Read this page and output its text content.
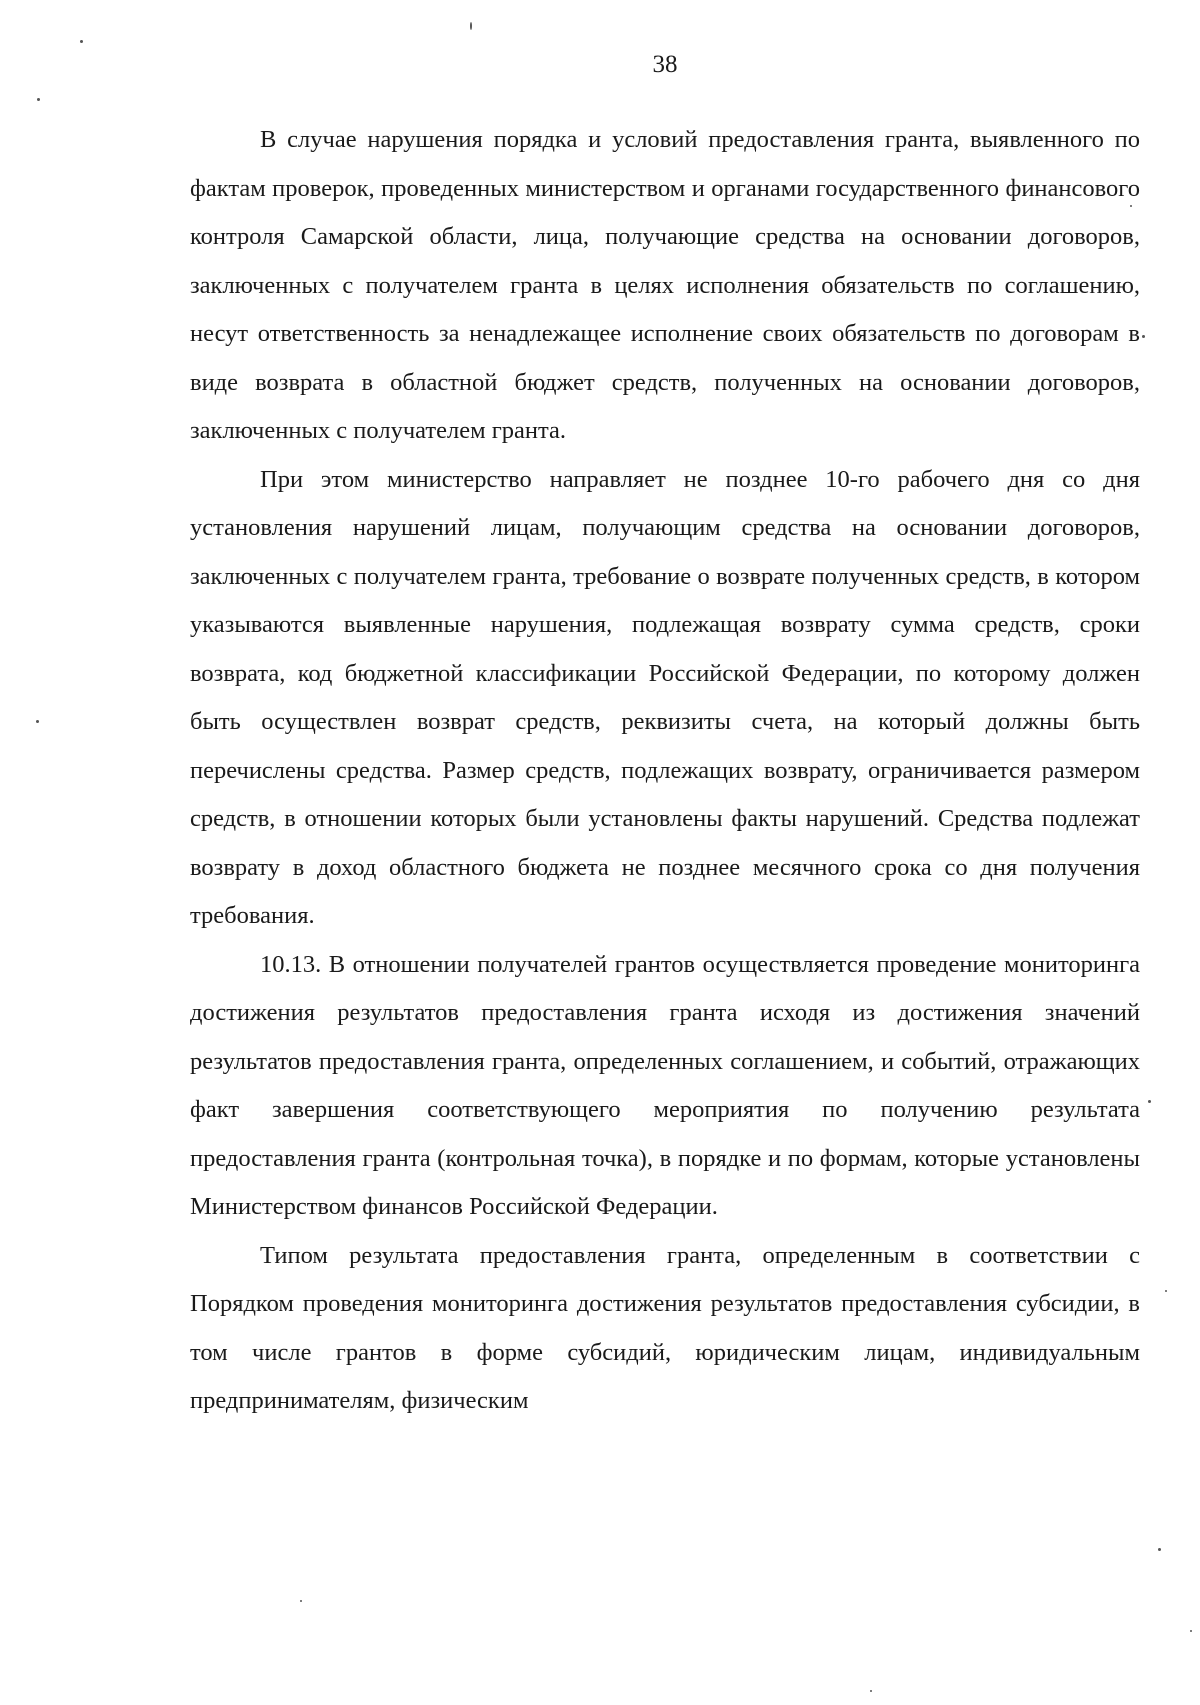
38

В случае нарушения порядка и условий предоставления гранта, выявленного по фактам проверок, проведенных министерством и органами государственного финансового контроля Самарской области, лица, получающие средства на основании договоров, заключенных с получателем гранта в целях исполнения обязательств по соглашению, несут ответственность за ненадлежащее исполнение своих обязательств по договорам в виде возврата в областной бюджет средств, полученных на основании договоров, заключенных с получателем гранта.

При этом министерство направляет не позднее 10-го рабочего дня со дня установления нарушений лицам, получающим средства на основании договоров, заключенных с получателем гранта, требование о возврате полученных средств, в котором указываются выявленные нарушения, подлежащая возврату сумма средств, сроки возврата, код бюджетной классификации Российской Федерации, по которому должен быть осуществлен возврат средств, реквизиты счета, на который должны быть перечислены средства. Размер средств, подлежащих возврату, ограничивается размером средств, в отношении которых были установлены факты нарушений. Средства подлежат возврату в доход областного бюджета не позднее месячного срока со дня получения требования.

10.13. В отношении получателей грантов осуществляется проведение мониторинга достижения результатов предоставления гранта исходя из достижения значений результатов предоставления гранта, определенных соглашением, и событий, отражающих факт завершения соответствующего мероприятия по получению результата предоставления гранта (контрольная точка), в порядке и по формам, которые установлены Министерством финансов Российской Федерации.

Типом результата предоставления гранта, определенным в соответствии с Порядком проведения мониторинга достижения результатов предоставления субсидии, в том числе грантов в форме субсидий, юридическим лицам, индивидуальным предпринимателям, физическим
